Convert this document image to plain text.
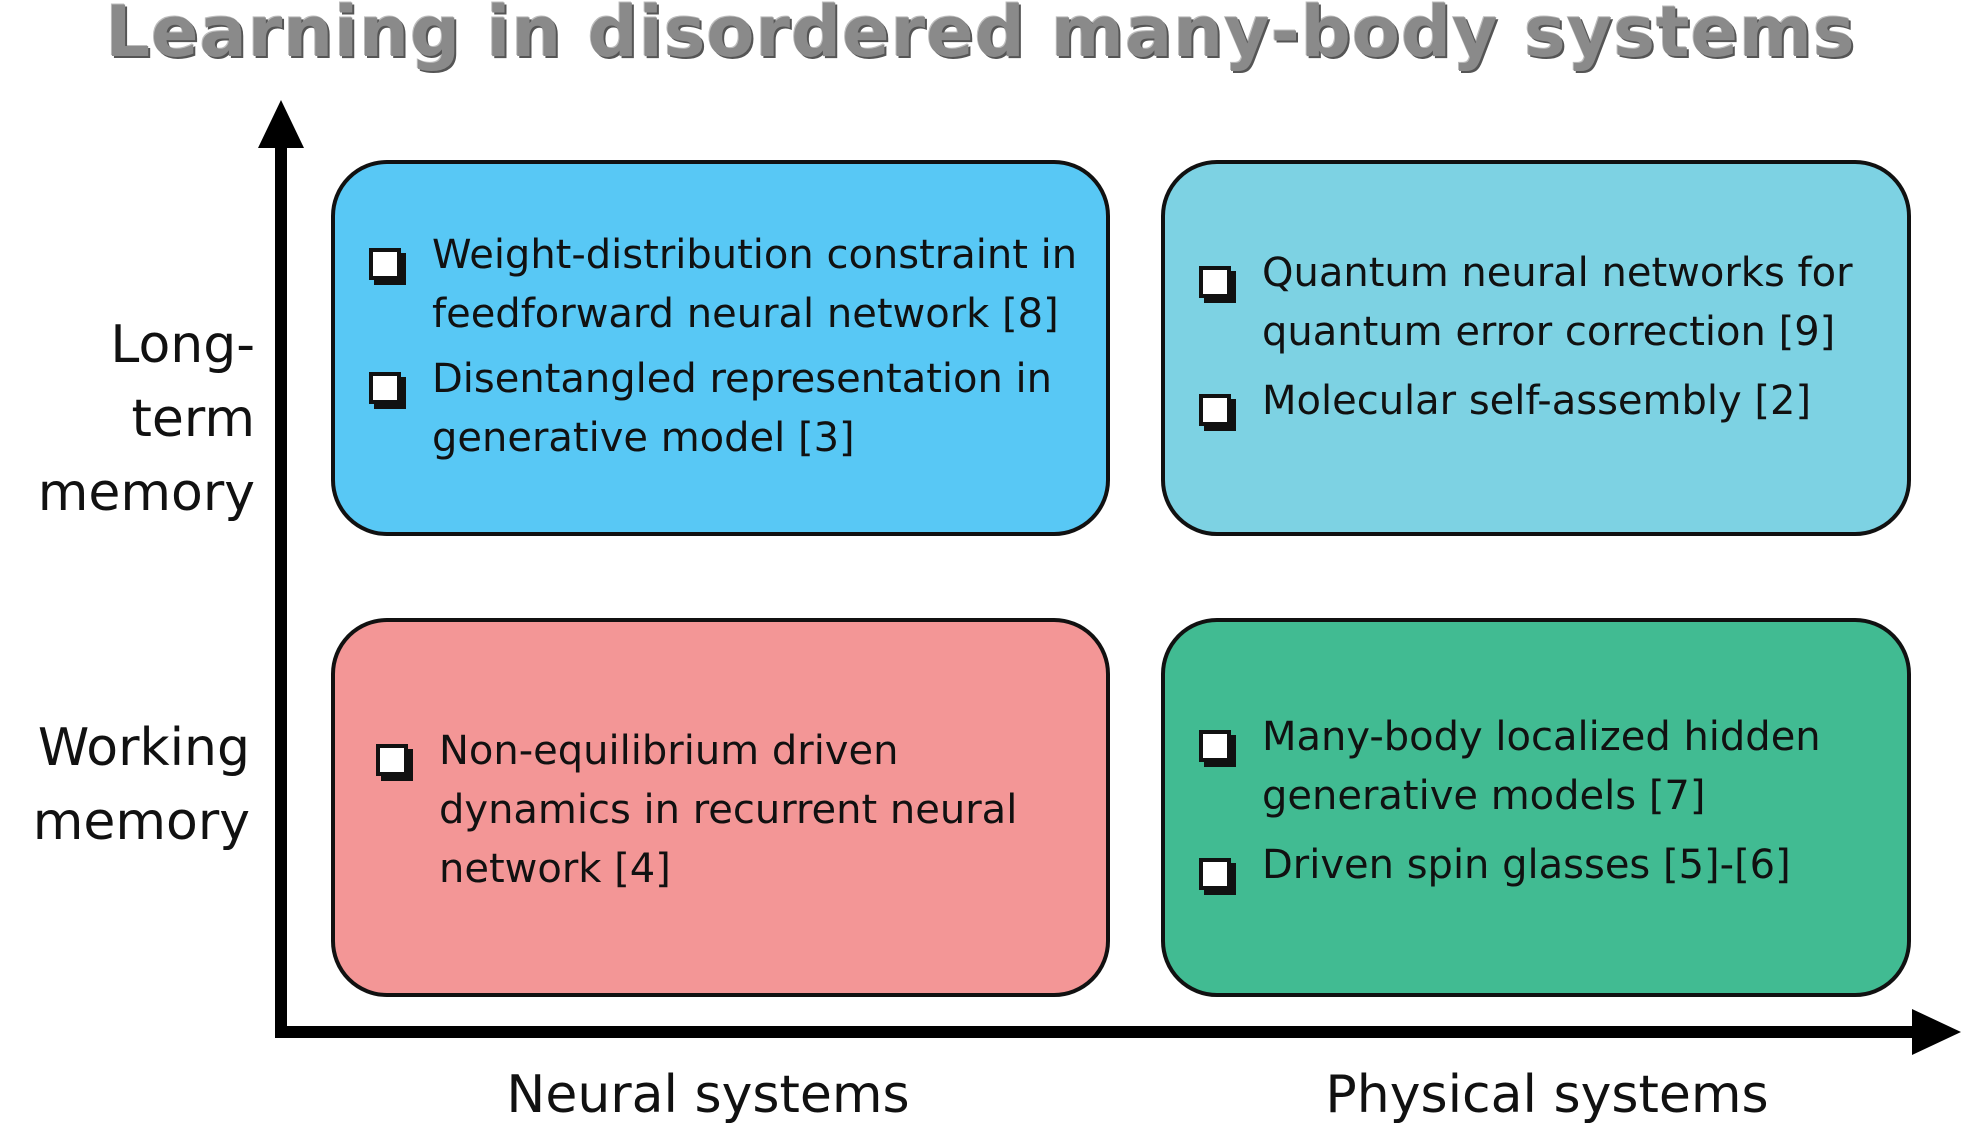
Learning in disordered many-body systems
Long-term
memory
Working
memory
Neural systems	Physical systems
Weight-distribution constraint in feedforward neural network [8]
Disentangled representation in generative model [3]
Quantum neural networks for quantum error correction [9]
Molecular self-assembly [2]
Non-equilibrium driven dynamics in recurrent neural network [4]
Many-body localized hidden generative models [7]
Driven spin glasses [5]-[6]
